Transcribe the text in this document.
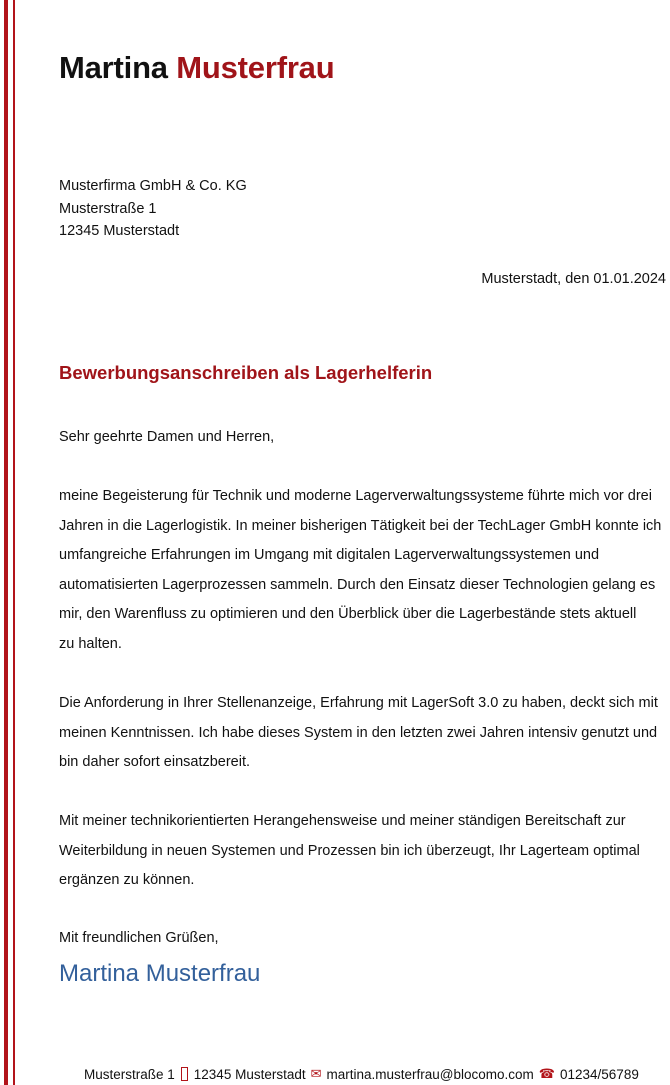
Martina Musterfrau
Musterfirma GmbH & Co. KG
Musterstraße 1
12345 Musterstadt
Musterstadt, den 01.01.2024
Bewerbungsanschreiben als Lagerhelferin
Sehr geehrte Damen und Herren,
meine Begeisterung für Technik und moderne Lagerverwaltungssysteme führte mich vor drei
Jahren in die Lagerlogistik. In meiner bisherigen Tätigkeit bei der TechLager GmbH konnte ich
umfangreiche Erfahrungen im Umgang mit digitalen Lagerverwaltungssystemen und
automatisierten Lagerprozessen sammeln. Durch den Einsatz dieser Technologien gelang es
mir, den Warenfluss zu optimieren und den Überblick über die Lagerbestände stets aktuell
zu halten.
Die Anforderung in Ihrer Stellenanzeige, Erfahrung mit LagerSoft 3.0 zu haben, deckt sich mit
meinen Kenntnissen. Ich habe dieses System in den letzten zwei Jahren intensiv genutzt und
bin daher sofort einsatzbereit.
Mit meiner technikorientierten Herangehensweise und meiner ständigen Bereitschaft zur
Weiterbildung in neuen Systemen und Prozessen bin ich überzeugt, Ihr Lagerteam optimal
ergänzen zu können.
Mit freundlichen Grüßen,
Martina Musterfrau
Musterstraße 1 12345 Musterstadt ✉ martina.musterfrau@blocomo.com ☎ 01234/56789
